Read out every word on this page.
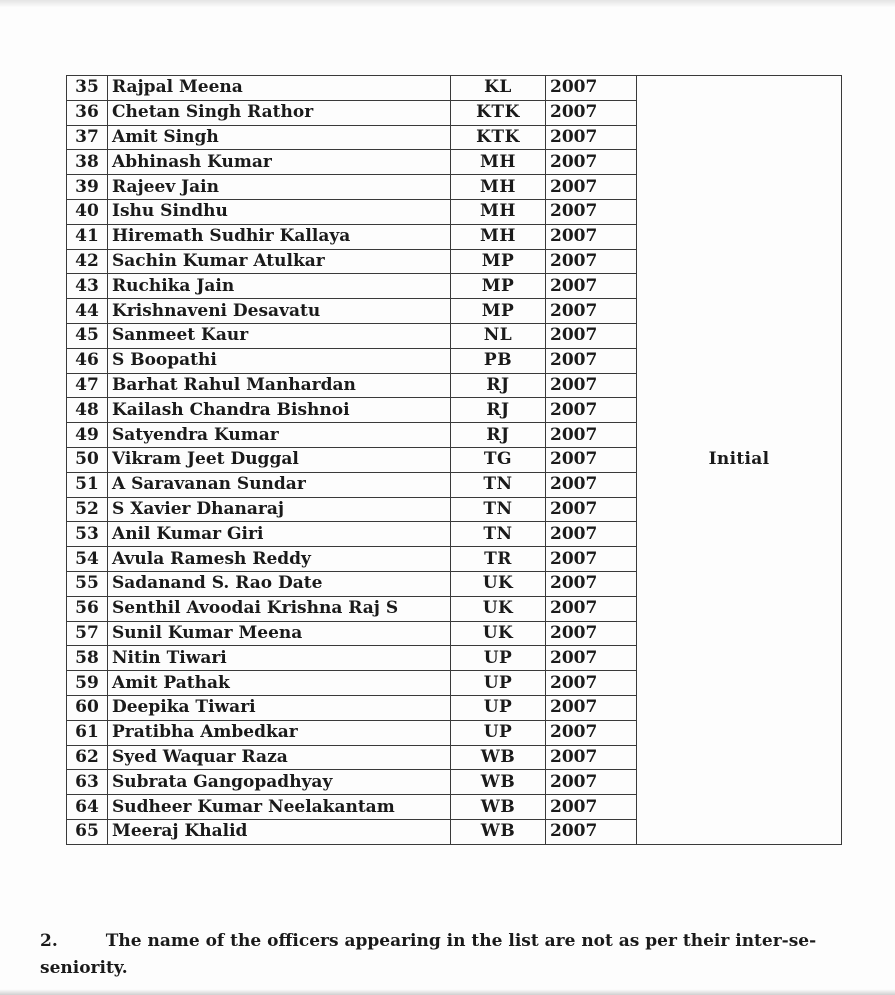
35	Rajpal Meena	KL	2007	Initial
36	Chetan Singh Rathor	KTK	2007	
37	Amit Singh	KTK	2007	
38	Abhinash Kumar	MH	2007	
39	Rajeev Jain	MH	2007	
40	Ishu Sindhu	MH	2007	
41	Hiremath Sudhir Kallaya	MH	2007	
42	Sachin Kumar Atulkar	MP	2007	
43	Ruchika Jain	MP	2007	
44	Krishnaveni Desavatu	MP	2007	
45	Sanmeet Kaur	NL	2007	
46	S Boopathi	PB	2007	
47	Barhat Rahul Manhardan	RJ	2007	
48	Kailash Chandra Bishnoi	RJ	2007	
49	Satyendra Kumar	RJ	2007	
50	Vikram Jeet Duggal	TG	2007	
51	A Saravanan Sundar	TN	2007	
52	S Xavier Dhanaraj	TN	2007	
53	Anil Kumar Giri	TN	2007	
54	Avula Ramesh Reddy	TR	2007	
55	Sadanand S. Rao Date	UK	2007	
56	Senthil Avoodai Krishna Raj S	UK	2007	
57	Sunil Kumar Meena	UK	2007	
58	Nitin Tiwari	UP	2007	
59	Amit Pathak	UP	2007	
60	Deepika Tiwari	UP	2007	
61	Pratibha Ambedkar	UP	2007	
62	Syed Waquar Raza	WB	2007	
63	Subrata Gangopadhyay	WB	2007	
64	Sudheer Kumar Neelakantam	WB	2007	
65	Meeraj Khalid	WB	2007	
2.	The name of the officers appearing in the list are not as per their inter-se-seniority.
